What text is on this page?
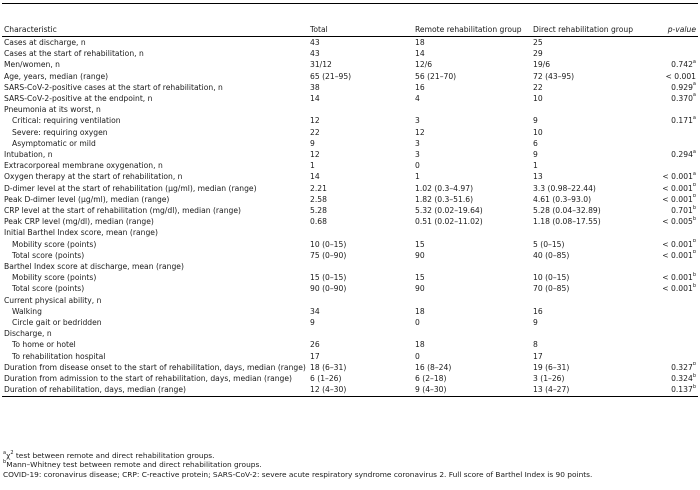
Characteristic	Total	Remote rehabilitation group	Direct rehabilitation group	p-value
Cases at discharge, n	43	18	25	
Cases at the start of rehabilitation, n	43	14	29	
Men/women, n	31/12	12/6	19/6	0.742$^a$
Age, years, median (range)	65 (21–95)	56 (21–70)	72 (43–95)	< 0.001
SARS-CoV-2-positive cases at the start of rehabilitation, n	38	16	22	0.929$^a$
SARS-CoV-2-positive at the endpoint, n	14	4	10	0.370$^a$
Pneumonia at its worst, n				
Critical: requiring ventilation	12	3	9	0.171$^a$
Severe: requiring oxygen	22	12	10	
Asymptomatic or mild	9	3	6	
Intubation, n	12	3	9	0.294$^a$
Extracorporeal membrane oxygenation, n	1	0	1	
Oxygen therapy at the start of rehabilitation, n	14	1	13	< 0.001$^a$
D-dimer level at the start of rehabilitation (µg/ml), median (range)	2.21	1.02 (0.3–4.97)	3.3 (0.98–22.44)	< 0.001$^b$
Peak D-dimer level (µg/ml), median (range)	2.58	1.82 (0.3–51.6)	4.61 (0.3–93.0)	< 0.001$^b$
CRP level at the start of rehabilitation (mg/dl), median (range)	5.28	5.32 (0.02–19.64)	5.28 (0.04–32.89)	0.701$^b$
Peak CRP level (mg/dl), median (range)	0.68	0.51 (0.02–11.02)	1.18 (0.08–17.55)	< 0.005$^b$
Initial Barthel Index score, mean (range)				
Mobility score (points)	10 (0–15)	15	5 (0–15)	< 0.001$^b$
Total score (points)	75 (0–90)	90	40 (0–85)	< 0.001$^b$
Barthel Index score at discharge, mean (range)				
Mobility score (points)	15 (0–15)	15	10 (0–15)	< 0.001$^b$
Total score (points)	90 (0–90)	90	70 (0–85)	< 0.001$^b$
Current physical ability, n				
Walking	34	18	16	
Circle gait or bedridden	9	0	9	
Discharge, n				
To home or hotel	26	18	8	
To rehabilitation hospital	17	0	17	
Duration from disease onset to the start of rehabilitation, days, median (range)	18 (6–31)	16 (8–24)	19 (6–31)	0.327$^b$
Duration from admission to the start of rehabilitation, days, median (range)	6 (1–26)	6 (2–18)	3 (1–26)	0.324$^b$
Duration of rehabilitation, days, median (range)	12 (4–30)	9 (4–30)	13 (4–27)	0.137$^b$
$^a\chi^2$ test between remote and direct rehabilitation groups.
$^b$Mann–Whitney test between remote and direct rehabilitation groups.
COVID-19: coronavirus disease; CRP: C-reactive protein; SARS-CoV-2: severe acute respiratory syndrome coronavirus 2. Full score of Barthel Index is 90 points.
